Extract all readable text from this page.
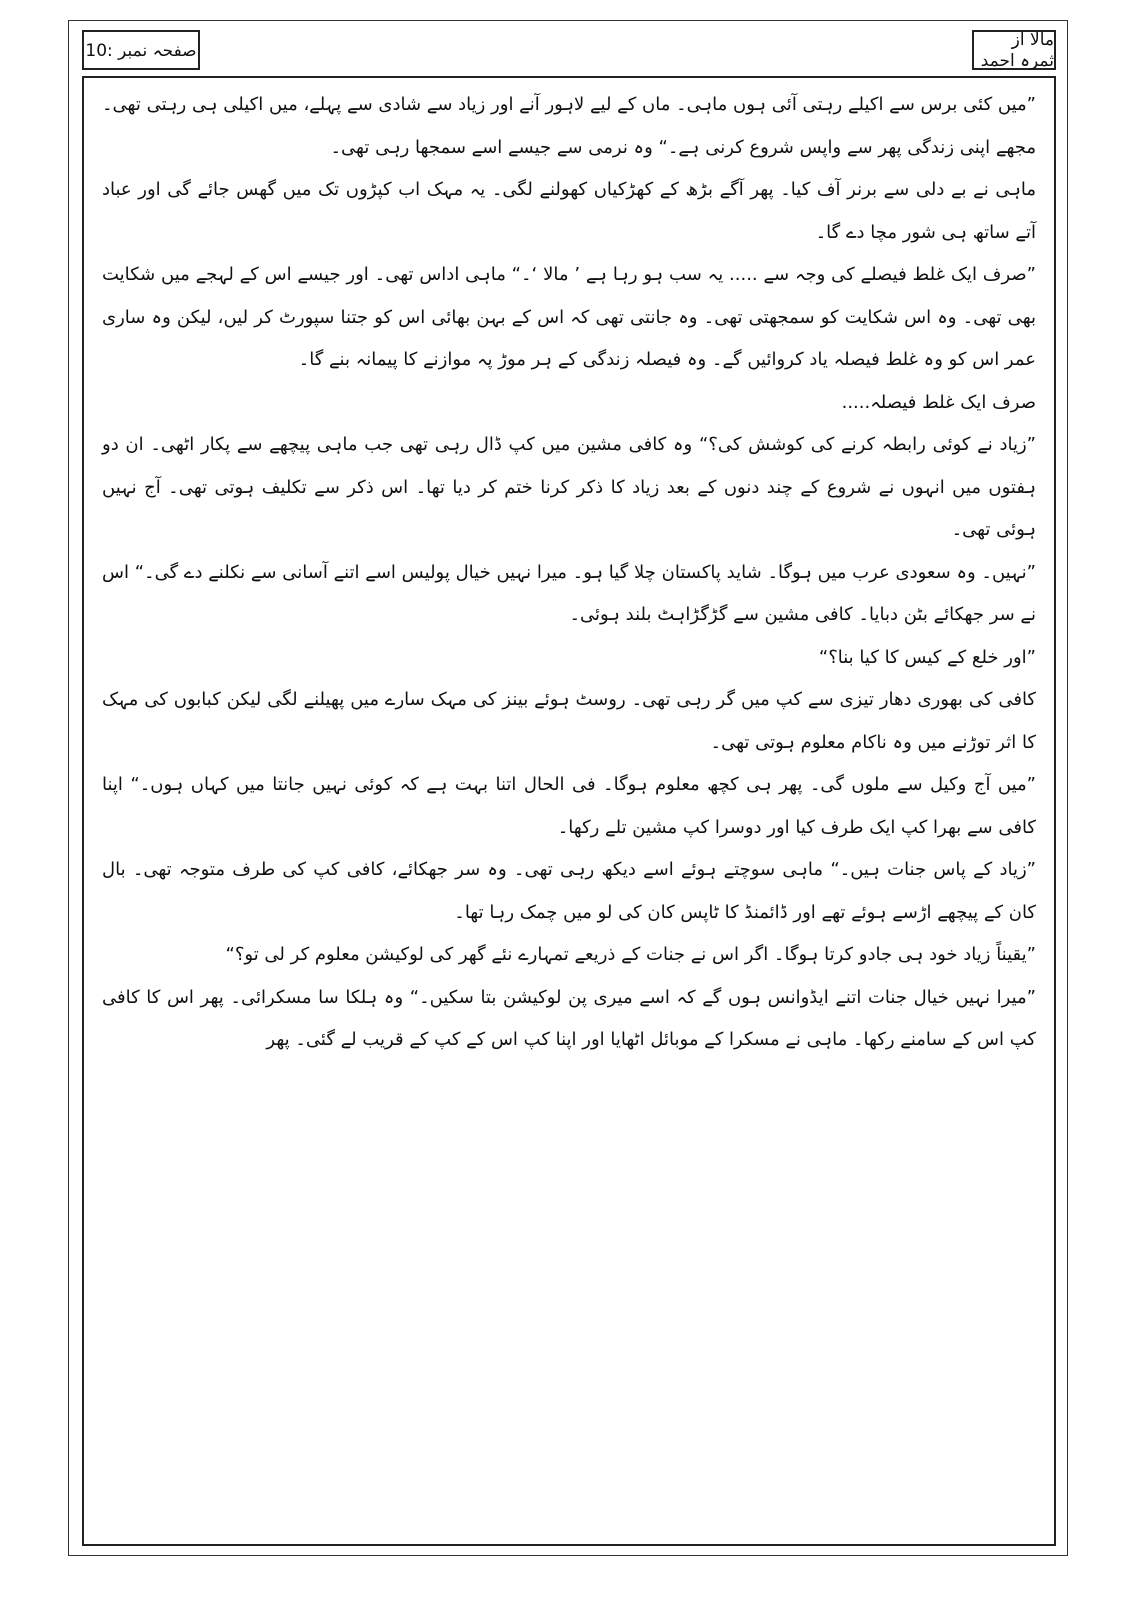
صفحہ نمبر :10
مالا از ثمرہ احمد

”میں کئی برس سے اکیلے رہتی آئی ہوں ماہی۔ ماں کے لیے لاہور آنے اور زیاد سے شادی سے پہلے، میں اکیلی ہی رہتی تھی۔ مجھے اپنی زندگی پھر سے واپس شروع کرنی ہے۔“ وہ نرمی سے جیسے اسے سمجھا رہی تھی۔

ماہی نے بے دلی سے برنر آف کیا۔ پھر آگے بڑھ کے کھڑکیاں کھولنے لگی۔ یہ مہک اب کپڑوں تک میں گھس جائے گی اور عباد آتے ساتھ ہی شور مچا دے گا۔

”صرف ایک غلط فیصلے کی وجہ سے ..... یہ سب ہو رہا ہے ’ مالا ‘۔“ ماہی اداس تھی۔ اور جیسے اس کے لہجے میں شکایت بھی تھی۔ وہ اس شکایت کو سمجھتی تھی۔ وہ جانتی تھی کہ اس کے بہن بھائی اس کو جتنا سپورٹ کر لیں، لیکن وہ ساری عمر اس کو وہ غلط فیصلہ یاد کروائیں گے۔ وہ فیصلہ زندگی کے ہر موڑ پہ موازنے کا پیمانہ بنے گا۔

صرف ایک غلط فیصلہ.....

”زیاد نے کوئی رابطہ کرنے کی کوشش کی؟“ وہ کافی مشین میں کپ ڈال رہی تھی جب ماہی پیچھے سے پکار اٹھی۔ ان دو ہفتوں میں انہوں نے شروع کے چند دنوں کے بعد زیاد کا ذکر کرنا ختم کر دیا تھا۔ اس ذکر سے تکلیف ہوتی تھی۔ آج نہیں ہوئی تھی۔

”نہیں۔ وہ سعودی عرب میں ہوگا۔ شاید پاکستان چلا گیا ہو۔ میرا نہیں خیال پولیس اسے اتنے آسانی سے نکلنے دے گی۔“ اس نے سر جھکائے بٹن دبایا۔ کافی مشین سے گڑگڑاہٹ بلند ہوئی۔

”اور خلع کے کیس کا کیا بنا؟“

کافی کی بھوری دھار تیزی سے کپ میں گر رہی تھی۔ روسٹ ہوئے بینز کی مہک سارے میں پھیلنے لگی لیکن کبابوں کی مہک کا اثر توڑنے میں وہ ناکام معلوم ہوتی تھی۔

”میں آج وکیل سے ملوں گی۔ پھر ہی کچھ معلوم ہوگا۔ فی الحال اتنا بہت ہے کہ کوئی نہیں جانتا میں کہاں ہوں۔“ اپنا کافی سے بھرا کپ ایک طرف کیا اور دوسرا کپ مشین تلے رکھا۔

”زیاد کے پاس جنات ہیں۔“ ماہی سوچتے ہوئے اسے دیکھ رہی تھی۔ وہ سر جھکائے، کافی کپ کی طرف متوجہ تھی۔ بال کان کے پیچھے اڑسے ہوئے تھے اور ڈائمنڈ کا ٹاپس کان کی لو میں چمک رہا تھا۔

”یقیناً زیاد خود ہی جادو کرتا ہوگا۔ اگر اس نے جنات کے ذریعے تمہارے نئے گھر کی لوکیشن معلوم کر لی تو؟“

”میرا نہیں خیال جنات اتنے ایڈوانس ہوں گے کہ اسے میری پن لوکیشن بتا سکیں۔“ وہ ہلکا سا مسکرائی۔ پھر اس کا کافی کپ اس کے سامنے رکھا۔ ماہی نے مسکرا کے موبائل اٹھایا اور اپنا کپ اس کے کپ کے قریب لے گئی۔ پھر
